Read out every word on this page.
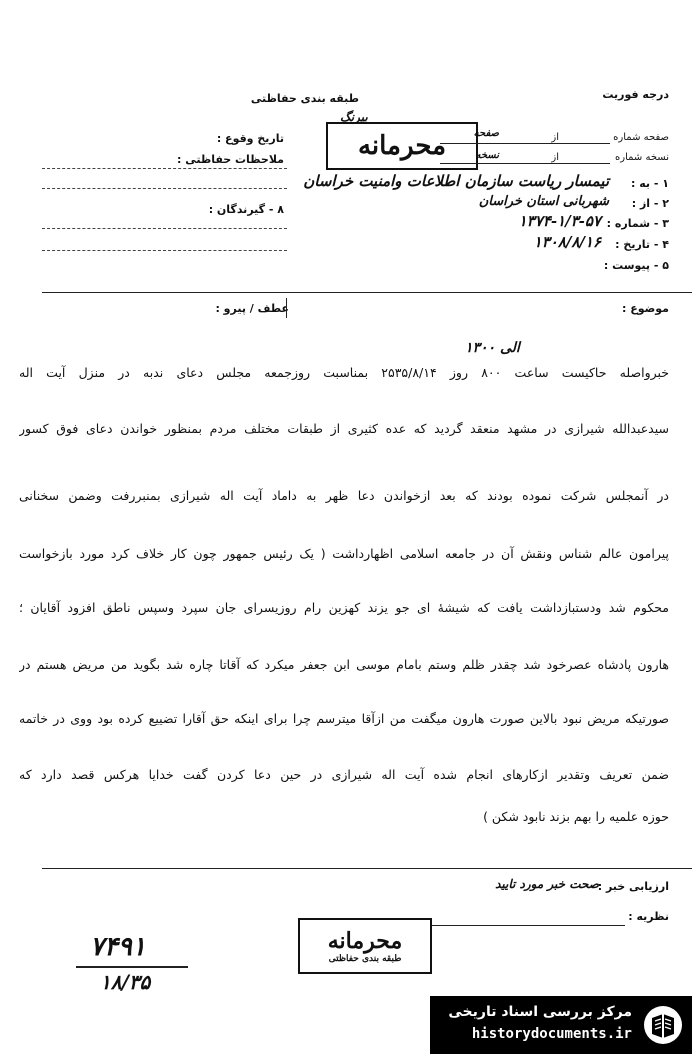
درجه فوریت
طبقه بندی حفاظتی
محرمانه
بیرنگ
صفحه شماره
از
صفحه
نسخه شماره
از
نسخه
تاریخ وقوع :
ملاحظات حفاظتی :
۸ - گیرندگان :
۱ - به :
تیمسار ریاست سازمان اطلاعات وامنیت خراسان
۲ - از :
شهربانی استان خراسان
۳ - شماره :
۱۳۷۴-۱/۳-۵۷
۴ - تاریخ :
۱۳۰۸/۸/۱۶
۵ - پیوست :
عطف / پیرو :	موضوع :
الی ۱۳۰۰
خبرواصله حاکیست ساعت ۸۰۰ روز ۲۵۳۵/۸/۱۴ بمناسبت روزجمعه مجلس دعای ندبه در منزل آیت اله
سیدعبدالله شیرازی در مشهد منعقد گردید که عده کثیری از طبقات مختلف مردم بمنظور خواندن دعای فوق کسور
در آنمجلس شرکت نموده بودند که بعد ازخواندن دعا ظهر به داماد آیت اله شیرازی بمنبررفت وضمن سخنانی
پیرامون عالم شناس ونقش آن در جامعه اسلامی اظهارداشت ( یک رئیس جمهور چون کار خلاف کرد مورد بازخواست
محکوم شد ودستبازداشت یافت که شیشهٔ ای جو یزند کهزین رام روزیسرای جان سپرد وسپس ناطق افزود آقایان ؛
هارون پادشاه عصرخود شد چقدر ظلم وستم بامام موسی ابن جعفر میکرد که آقاتا چاره شد بگوید من مریض هستم در
صورتیکه مریض نبود بالاین صورت هارون میگفت من ازآقا میترسم چرا برای اینکه حق آقارا تضییع کرده بود ووی در خاتمه
ضمن تعریف وتقدیر ازکارهای انجام شده آیت اله شیرازی در حین دعا کردن گفت خدایا هرکس قصد دارد که
حوزه علمیه را بهم بزند نابود شکن )
ارزیابی خبر :
صحت خبر مورد تایید
نظریه :
محرمانه
طبقه بندی حفاظتی
۷۴۹۱
۱۸/۳۵
مرکز بررسی اسناد تاریخی
historydocuments.ir
